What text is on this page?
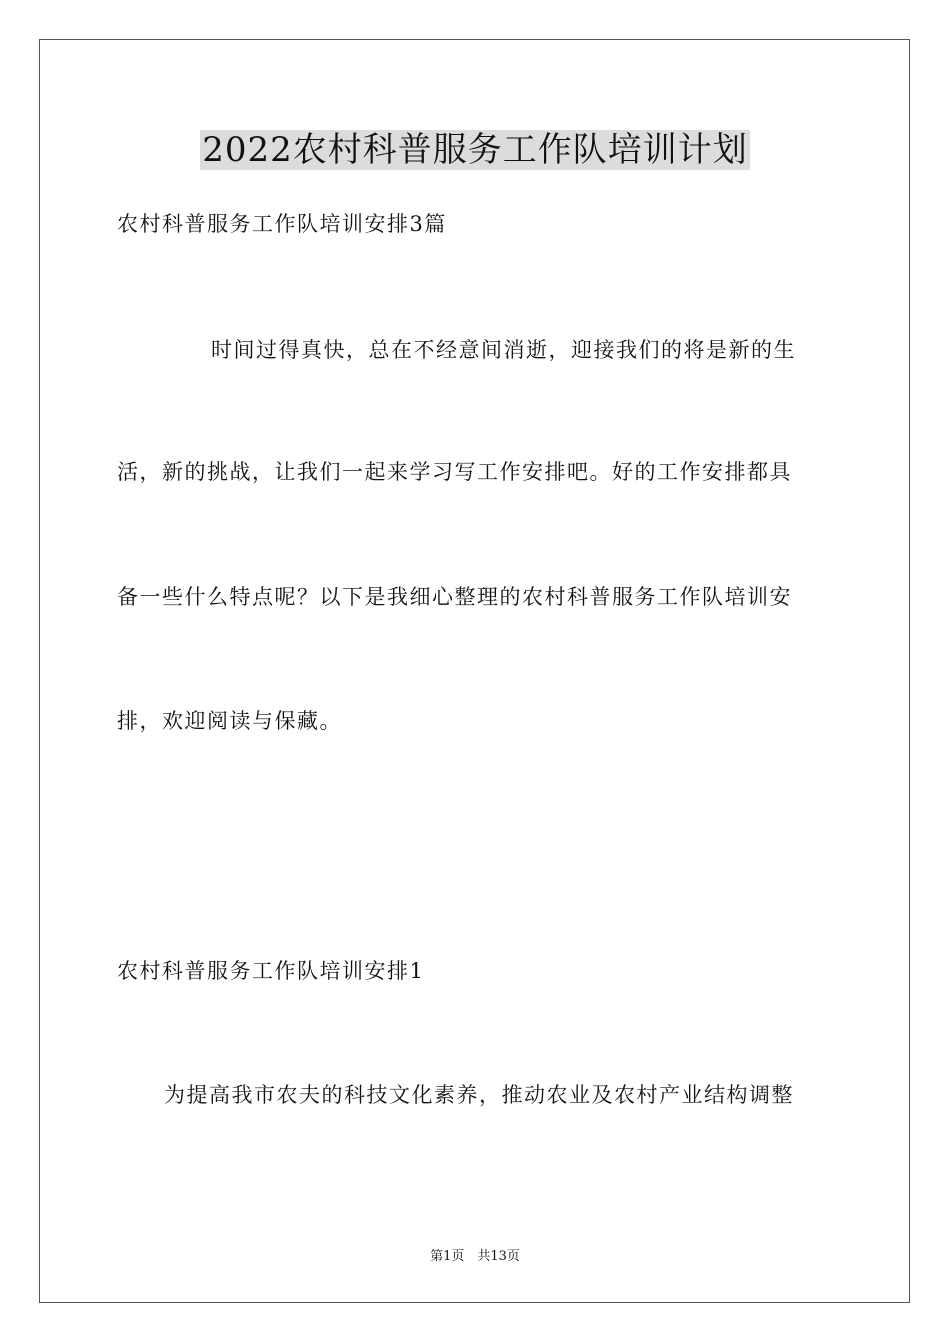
2022农村科普服务工作队培训计划
农村科普服务工作队培训安排3篇
时间过得真快，总在不经意间消逝，迎接我们的将是新的生
活，新的挑战，让我们一起来学习写工作安排吧。好的工作安排都具
备一些什么特点呢？以下是我细心整理的农村科普服务工作队培训安
排，欢迎阅读与保藏。
农村科普服务工作队培训安排1
为提高我市农夫的科技文化素养，推动农业及农村产业结构调整
第1页　共13页
